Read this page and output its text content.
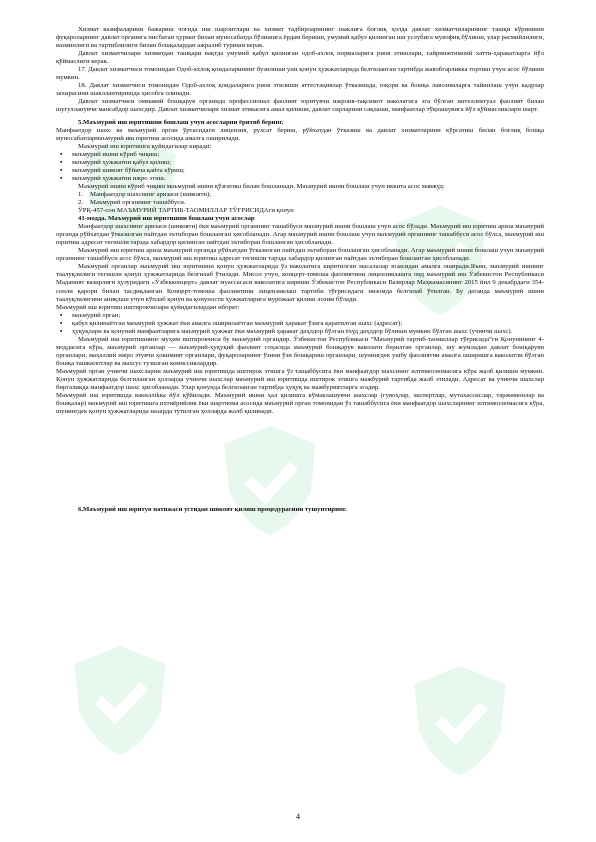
Хизмат вазифаларини бажариш чоғида иш шароитлари ва хизмат тадбирларининг шаклига боғлиқ ҳолда давлат хизматчиларининг ташқи кўриниши фуқароларнинг давлат органига нисбатан ҳурмат билан муносабатда бўлишига ёрдам бериши, умумий қабул қилинган иш услубига мувофиқ бўлиши, улар расмийлилиги, вазминлиги ва тартиблилиги билан бошқалардан ажралиб туриши керак.

Давлат хизматчилари хизматдан ташқари вақтда умумий қабул қилинган одоб-ахлоқ нормаларига риоя этишлари, ғайриижтимоий хатти-ҳаракатларга йўл қўймаслиги керак.

17. Давлат хизматчиси томонидан Одоб-ахлоқ қоидаларининг бузилиши уни қонун ҳужжатларида белгиланган тартибда жавобгарликка тортиш учун асос бўлиши мумкин.

18. Давлат хизматчиси томонидан Одоб-ахлоқ қоидаларига риоя этилиши аттестациялар ўтказишда, юқори ва бошқа лавозимларга тайинлаш учун кадрлар захирасини шакллантиришда ҳисобга олинади.

Давлат хизматчиси оммавий бошқарув органида профессионал фаолият юритувчи ижроия-тақсимот ваколатига эга бўлган интеллектуал фаолият билан шуғулланувчи мансабдор шахсдир. Давлат хизматчилари хизмат этикасига амал қилиши, давлат сирларини сақлаши, манфаатлар тўқнашувига йўл қўймасликлари шарт.

5.Маъмурий иш юритишни бошлаш учун асосларни ёритиб беринг.

Манфаатдор шахс ва маъмурий орган ўртасидаги лицензия, рухсат бериш, рўйхатдан ўтказиш ва давлат хизматларини кўрсатиш билан боғлиқ бошқа муносабатлармаъмурий иш юритиш асосида амалга оширилади.

Маъмурий иш юритишга қуйидагилар киради:

▪	маъмурий ишни кўриб чиқиш;
▪	маъмурий ҳужжатни қабул қилиш;
▪	маъмурий шикоят бўйича қайта кўриш;
▪	маъмурий ҳужжатни ижро этиш.

Маъмурий ишни кўриб чиқиш маъмурий ишни қўзғатиш билан бошланади. Маъмурий ишни бошлаш учун иккита асос мавжуд:

1. Манфаатдор шахснинг аризаси (шикояти);
2. Маъмурий органнинг ташаббуси.

ЎРҚ-457-сон МАЪМУРИЙ ТАРТИБ-ТАОМИЛЛАР ТЎҒРИСИДАги қонун

41-модда. Маъмурий иш юритишни бошлаш учун асослар

Манфаатдор шахснинг аризаси (шикояти) ёки маъмурий органнинг ташаббуси маъмурий ишни бошлаш учун асос бўлади. Маъмурий иш юритиш ариза маъмурий органда рўйхатдан ўтказилган пайтдан эътиборан бошланган ҳисобланади. Агар маъмурий ишни бошлаш учун маъмурий органнинг ташаббуси асос бўлса, маъмурий иш юритиш адресат тегишли тарзда хабардор қилинган пайтдан эътиборан бошланган ҳисобланади.

Маъмурий иш юритиш ариза маъмурий органда рўйхатдан ўтказилган пайтдан эътиборан бошланган ҳисобланади. Агар маъмурий ишни бошлаш учун маъмурий органнинг ташаббуси асос бўлса, маъмурий иш юритиш адресат тегишли тарзда хабардор қилинган пайтдан эътиборан бошланган ҳисобланади.

Маъмурий органлар маъмурий иш юритишни қонун ҳужжатларида ўз ваколатига киритилган масалалар юзасидан амалга оширади.Яъни, маъмурий ишнинг таалуқлилиги тегишли қонун ҳужжатларида белгилаб ўтилади. Мисол учун, концерт-томоша фаолиятини лицензиялашга оид маъмурий иш Ўзбекистон Республикаси Маданият вазирлиги ҳузуридаги «Ўзбекконцерт» давлат муассасаси ваколатига кириши Ўзбекистон Республикаси Вазирлар Маҳкамасининг 2015 йил 9 декабрдаги 354-сонли қарори билан тасдиқланган Концерт-томоша фаолиятини лицензиялаш тартиби тўғрисидаги низомда белгилаб ўтилган. Бу деганда маъмурий ишни таалуқлилигини аниқлаш учун кўплаб қонун ва қонуности ҳужжатларига мурожаат қилиш лозим бўлади.

Маъмурий иш юритиш иштирокчилари қуйидагилардан иборат:

▪	маъмурий орган;
▪	қабул қилинаётган маъмурий ҳужжат ёки амалга оширилаётган маъмурий ҳаракат ўзига қаратилган шахс (адресат);
▪	ҳуқуқлари ва қонуний манфаатларига маъмурий ҳужжат ёки маъмурий ҳаракат даҳлдор бўлган ёхуд даҳлдор бўлиши мумкин бўлган шахс (учинчи шахс).

Маъмурий иш юритишнинг муҳим иштирокчиси бу маъмурий органдир. Ўзбекистон Республикаси “Маъмурий тартиб-таомиллар тўғрисида”ги Қонунининг 4-моддасига кўра, маъмурий органлар — маъмурий-ҳуқуқий фаолият соҳасида маъмурий бошқарув ваколати берилган органлар, шу жумладан давлат бошқаруви органлари, маҳаллий ижро этувчи ҳокимият органлари, фуқароларнинг ўзини ўзи бошқариш органлари, шунингдек ушбу фаолиятни амалга оширишга ваколатли бўлган бошқа ташкилотлар ва махсус тузилган комиссиялардир.

Маъмурий орган учинчи шахсларни маъмурий иш юритишда иштирок этишга ўз ташаббусига ёки манфаатдор шахснинг илтимосномасига кўра жалб қилиши мумкин. Қонун ҳужжатларида белгиланган ҳолларда учинчи шахслар маъмурий иш юритишда иштирок этишга мажбурий тартибда жалб этилади. Адресат ва учинчи шахслар биргаликда манфаатдор шахс ҳисобланади. Улар қонунда белгиланган тартибда ҳуқуқ ва мажбуриятларга эгадир.

Маъмурий иш юритишда вакиллikка йўл қўйилади. Маъмурий ишни ҳал қилишга кўмаклашувчи шахслар (гувоҳлар, экспертлар, мутахассислар, таржимонлар ва бошқалар) маъмурий иш юритишга ихтиёрийлик ёки шартнома асосида маъмурий орган томонидан ўз ташаббусига ёки манфаатдор шахсларнинг илтимосномасига кўра, шунингдек қонун ҳужжатларида назарда тутилган ҳолларда жалб қилинади.

6.Маъмурий иш юритув натижаси устидан шикоят қилиш процедурасини тушунтиринг.

4
